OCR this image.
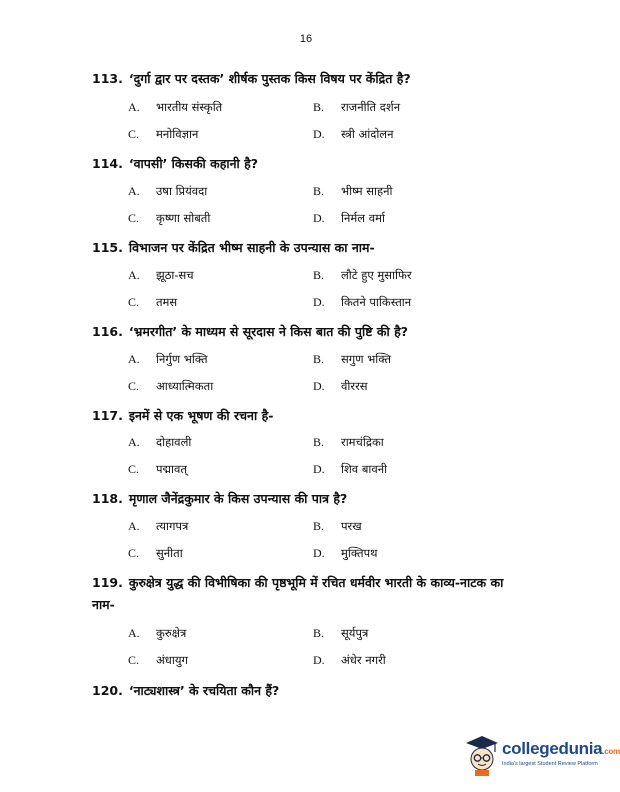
16
113. ‘दुर्गा द्वार पर दस्तक’ शीर्षक पुस्तक किस विषय पर केंद्रित है?
A. भारतीय संस्कृति	B. राजनीति दर्शन
C. मनोविज्ञान	D. स्त्री आंदोलन
114. ‘वापसी’ किसकी कहानी है?
A. उषा प्रियंवदा	B. भीष्म साहनी
C. कृष्णा सोबती	D. निर्मल वर्मा
115. विभाजन पर केंद्रित भीष्म साहनी के उपन्यास का नाम-
A. झूठा-सच	B. लौटे हुए मुसाफिर
C. तमस	D. कितने पाकिस्तान
116. ‘भ्रमरगीत’ के माध्यम से सूरदास ने किस बात की पुष्टि की है?
A. निर्गुण भक्ति	B. सगुण भक्ति
C. आध्यात्मिकता	D. वीररस
117. इनमें से एक भूषण की रचना है-
A. दोहावली	B. रामचंद्रिका
C. पद्मावत्	D. शिव बावनी
118. मृणाल जैनेंद्रकुमार के किस उपन्यास की पात्र है?
A. त्यागपत्र	B. परख
C. सुनीता	D. मुक्तिपथ
119. कुरुक्षेत्र युद्ध की विभीषिका की पृष्ठभूमि में रचित धर्मवीर भारती के काव्य-नाटक का नाम-
A. कुरुक्षेत्र	B. सूर्यपुत्र
C. अंधायुग	D. अंधेर नगरी
120. ‘नाट्यशास्त्र’ के रचयिता कौन हैं?
collegedunia.com
India's largest Student Review Platform
